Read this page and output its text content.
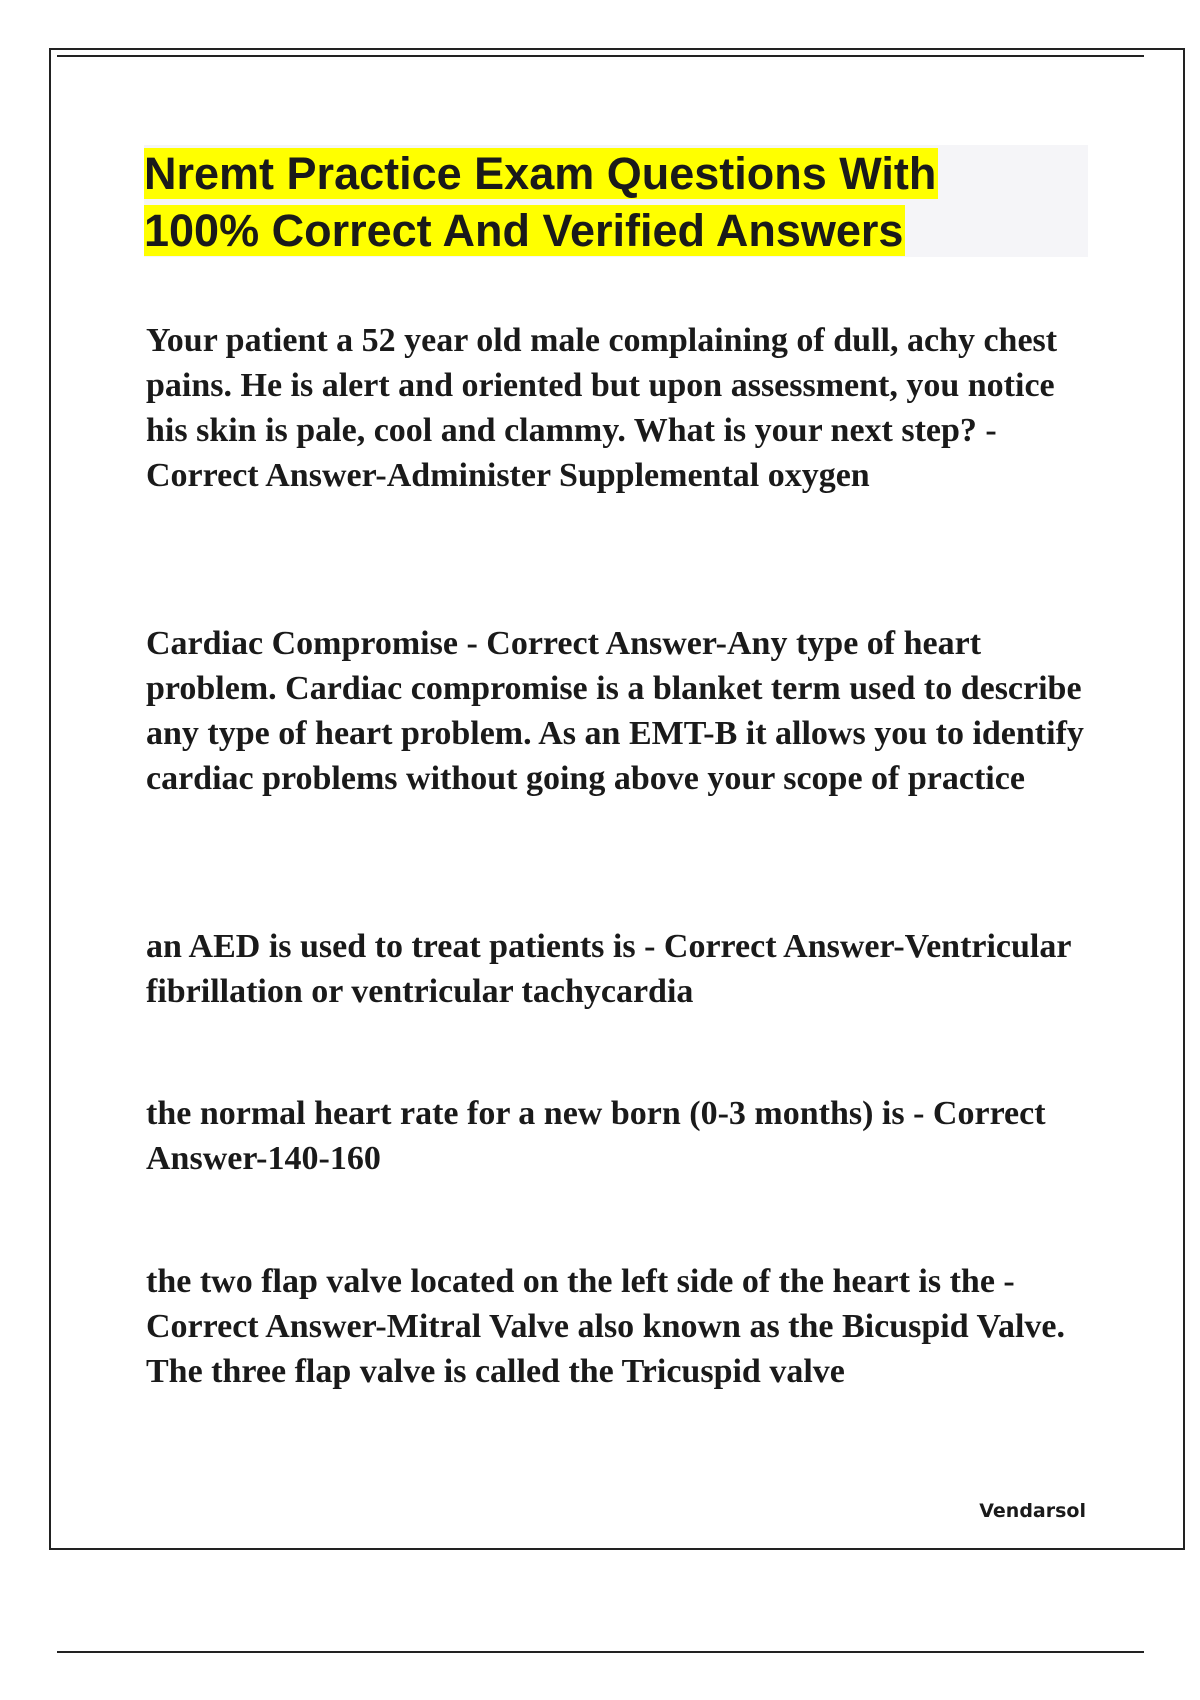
Nremt Practice Exam Questions With
100% Correct And Verified Answers

Your patient a 52 year old male complaining of dull, achy chest pains. He is alert and oriented but upon assessment, you notice his skin is pale, cool and clammy. What is your next step? - Correct Answer-Administer Supplemental oxygen

Cardiac Compromise - Correct Answer-Any type of heart problem. Cardiac compromise is a blanket term used to describe any type of heart problem. As an EMT-B it allows you to identify cardiac problems without going above your scope of practice

an AED is used to treat patients is - Correct Answer-Ventricular fibrillation or ventricular tachycardia

the normal heart rate for a new born (0-3 months) is - Correct Answer-140-160

the two flap valve located on the left side of the heart is the - Correct Answer-Mitral Valve also known as the Bicuspid Valve. The three flap valve is called the Tricuspid valve

Vendarsol
